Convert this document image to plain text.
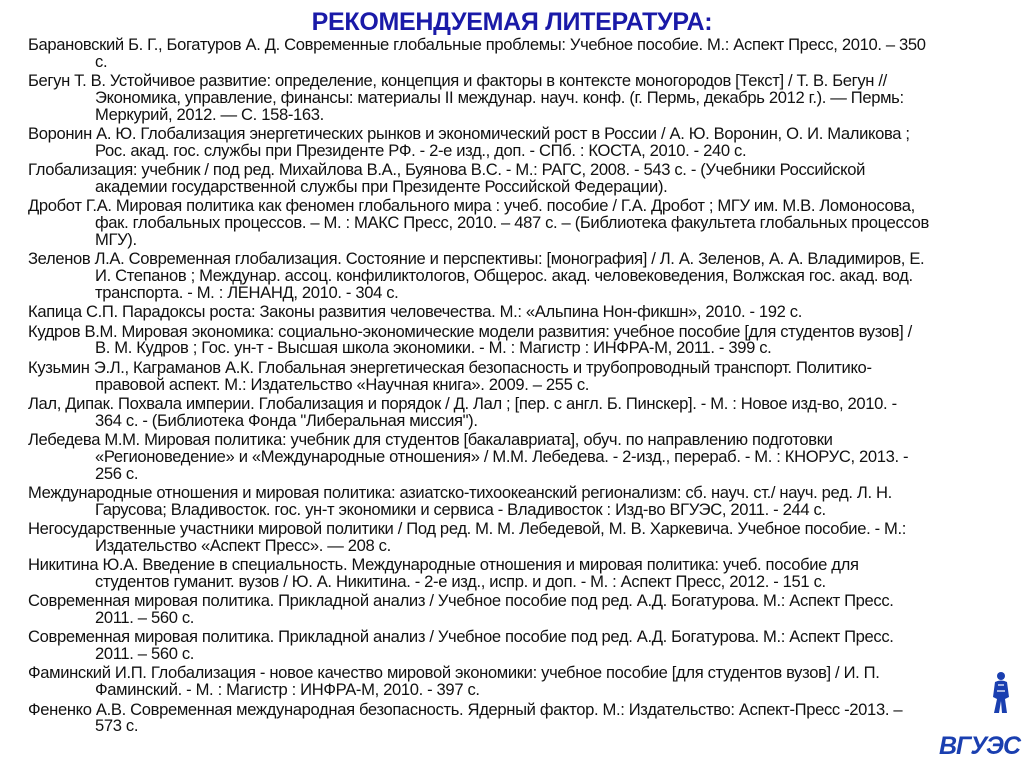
РЕКОМЕНДУЕМАЯ ЛИТЕРАТУРА:
Барановский Б. Г., Богатуров А. Д. Современные глобальные проблемы: Учебное пособие. М.: Аспект Пресс, 2010. – 350
с.
Бегун Т. В. Устойчивое развитие: определение, концепция и факторы в контексте моногородов [Текст] / Т. В. Бегун //
Экономика, управление, финансы: материалы II междунар. науч. конф. (г. Пермь, декабрь 2012 г.). — Пермь:
Меркурий, 2012. — С. 158-163.
Воронин А. Ю. Глобализация энергетических рынков и экономический рост в России / А. Ю. Воронин, О. И. Маликова ;
Рос. акад. гос. службы при Президенте РФ. - 2-е изд., доп. - СПб. : КОСТА, 2010. - 240 с.
Глобализация: учебник / под ред. Михайлова В.А., Буянова В.С. - М.: РАГС, 2008. - 543 с. - (Учебники Российской
академии государственной службы при Президенте Российской Федерации).
Дробот Г.А. Мировая политика как феномен глобального мира : учеб. пособие / Г.А. Дробот ; МГУ им. М.В. Ломоносова,
фак. глобальных процессов. – М. : МАКС Пресс, 2010. – 487 с. – (Библиотека факультета глобальных процессов
МГУ).
Зеленов Л.А. Современная глобализация. Состояние и перспективы: [монография] / Л. А. Зеленов, А. А. Владимиров, Е.
И. Степанов ; Междунар. ассоц. конфиликтологов, Общерос. акад. человековедения, Волжская гос. акад. вод.
транспорта. - М. : ЛЕНАНД, 2010. - 304 с.
Капица С.П. Парадоксы роста: Законы развития человечества. М.: «Альпина Нон-фикшн», 2010. - 192 с.
Кудров В.М. Мировая экономика: социально-экономические модели развития: учебное пособие [для студентов вузов] /
В. М. Кудров ; Гос. ун-т - Высшая школа экономики. - М. : Магистр : ИНФРА-М, 2011. - 399 с.
Кузьмин Э.Л., Каграманов А.К. Глобальная энергетическая безопасность и трубопроводный транспорт. Политико-
правовой аспект. М.: Издательство «Научная книга». 2009. – 255 с.
Лал, Дипак. Похвала империи. Глобализация и порядок / Д. Лал ; [пер. с англ. Б. Пинскер]. - М. : Новое изд-во, 2010. -
364 с. - (Библиотека Фонда "Либеральная миссия").
Лебедева М.М. Мировая политика: учебник для студентов [бакалавриата], обуч. по направлению подготовки
«Регионоведение» и «Международные отношения» / М.М. Лебедева. - 2-изд., перераб. - М. : КНОРУС, 2013. -
256 с.
Международные отношения и мировая политика: азиатско-тихоокеанский регионализм: сб. науч. ст./ науч. ред. Л. Н.
Гарусова; Владивосток. гос. ун-т экономики и сервиса - Владивосток : Изд-во ВГУЭС, 2011. - 244 с.
Негосударственные участники мировой политики / Под ред. М. М. Лебедевой, М. В. Харкевича. Учебное пособие. - М.:
Издательство «Аспект Пресс». — 208 с.
Никитина Ю.А. Введение в специальность. Международные отношения и мировая политика: учеб. пособие для
студентов гуманит. вузов / Ю. А. Никитина. - 2-е изд., испр. и доп. - М. : Аспект Пресс, 2012. - 151 с.
Современная мировая политика. Прикладной анализ / Учебное пособие под ред. А.Д. Богатурова. М.: Аспект Пресс.
2011. – 560 с.
Современная мировая политика. Прикладной анализ / Учебное пособие под ред. А.Д. Богатурова. М.: Аспект Пресс.
2011. – 560 с.
Фаминский И.П. Глобализация - новое качество мировой экономики: учебное пособие [для студентов вузов] / И. П.
Фаминский. - М. : Магистр : ИНФРА-М, 2010. - 397 с.
Фененко А.В. Современная международная безопасность. Ядерный фактор. М.: Издательство: Аспект-Пресс -2013. –
573 с.
ВГУЭС
